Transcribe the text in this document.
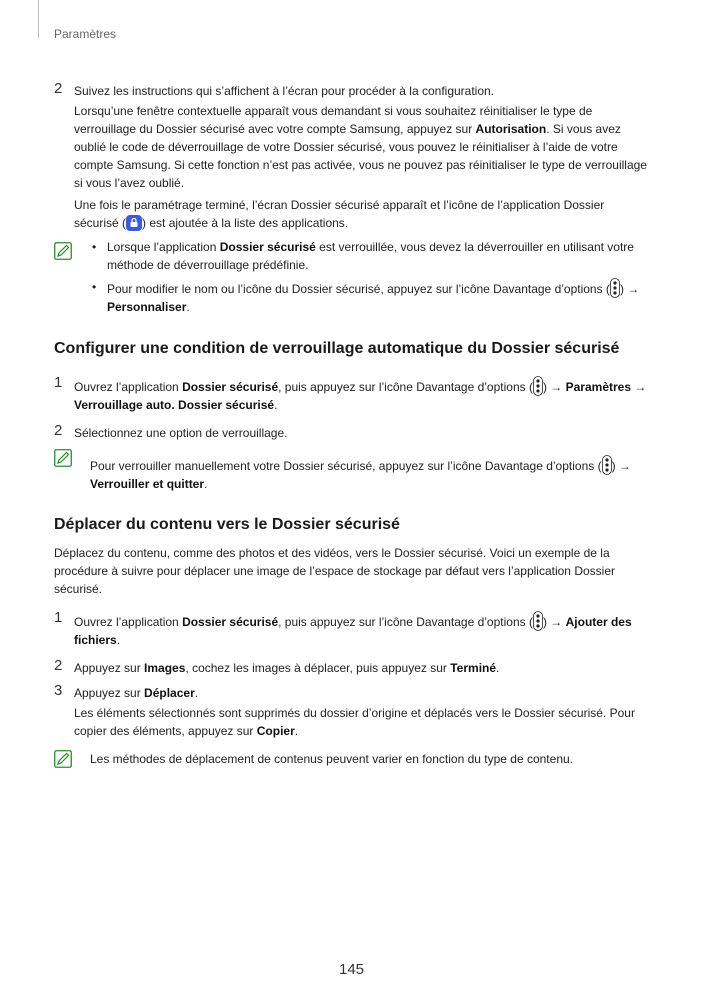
Paramètres
2 Suivez les instructions qui s’affichent à l’écran pour procéder à la configuration.

Lorsqu’une fenêtre contextuelle apparaît vous demandant si vous souhaitez réinitialiser le type de verrouillage du Dossier sécurisé avec votre compte Samsung, appuyez sur Autorisation. Si vous avez oublié le code de déverrouillage de votre Dossier sécurisé, vous pouvez le réinitialiser à l’aide de votre compte Samsung. Si cette fonction n’est pas activée, vous ne pouvez pas réinitialiser le type de verrouillage si vous l’avez oublié.

Une fois le paramétrage terminé, l’écran Dossier sécurisé apparaît et l’icône de l’application Dossier sécurisé ( ) est ajoutée à la liste des applications.

• Lorsque l’application Dossier sécurisé est verrouillée, vous devez la déverrouiller en utilisant votre méthode de déverrouillage prédéfinie.
• Pour modifier le nom ou l’icône du Dossier sécurisé, appuyez sur l’icône Davantage d’options ( ) →
Personnaliser.
Configurer une condition de verrouillage automatique du Dossier sécurisé
1 Ouvrez l’application Dossier sécurisé, puis appuyez sur l’icône Davantage d’options ( ) → Paramètres →
Verrouillage auto. Dossier sécurisé.
2 Sélectionnez une option de verrouillage.
Pour verrouiller manuellement votre Dossier sécurisé, appuyez sur l’icône Davantage d’options ( ) →
Verrouiller et quitter.
Déplacer du contenu vers le Dossier sécurisé

Déplacez du contenu, comme des photos et des vidéos, vers le Dossier sécurisé. Voici un exemple de la procédure à suivre pour déplacer une image de l’espace de stockage par défaut vers l’application Dossier sécurisé.

1 Ouvrez l’application Dossier sécurisé, puis appuyez sur l’icône Davantage d’options ( ) → Ajouter des fichiers.
2 Appuyez sur Images, cochez les images à déplacer, puis appuyez sur Terminé.
3 Appuyez sur Déplacer.

Les éléments sélectionnés sont supprimés du dossier d’origine et déplacés vers le Dossier sécurisé. Pour copier des éléments, appuyez sur Copier.

Les méthodes de déplacement de contenus peuvent varier en fonction du type de contenu.
145
